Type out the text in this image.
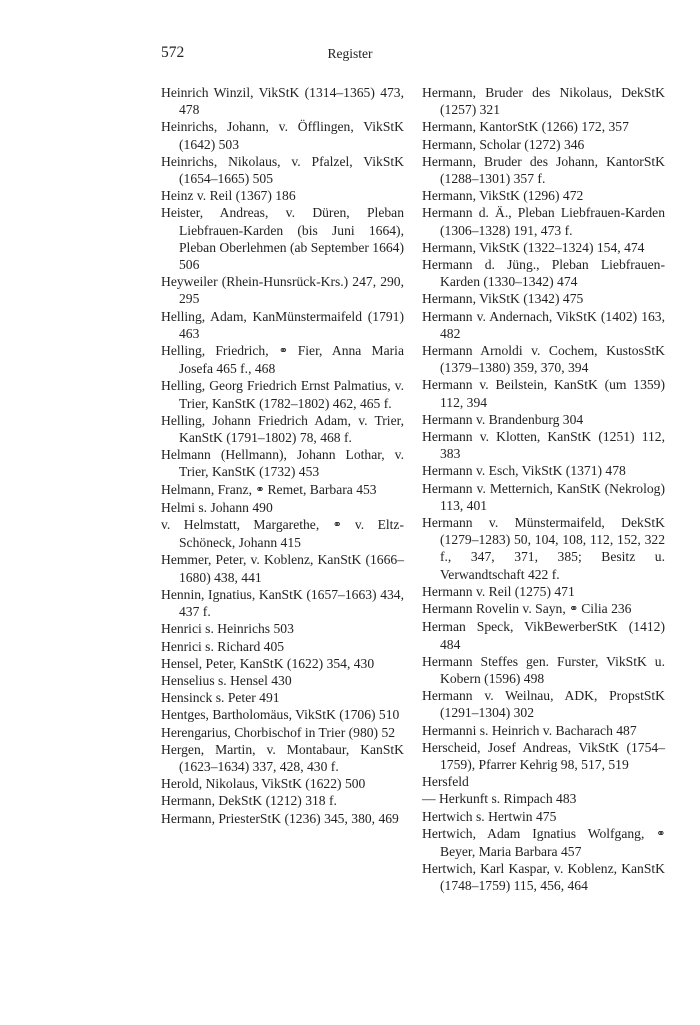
572	Register

Heinrich Winzil, VikStK (1314–1365) 473, 478

Heinrichs, Johann, v. Öfflingen, VikStK (1642) 503

Heinrichs, Nikolaus, v. Pfalzel, VikStK (1654–1665) 505

Heinz v. Reil (1367) 186

Heister, Andreas, v. Düren, Pleban Liebfrauen-Karden (bis Juni 1664), Pleban Oberlehmen (ab September 1664) 506

Heyweiler (Rhein-Hunsrück-Krs.) 247, 290, 295

Helling, Adam, KanMünstermaifeld (1791) 463

Helling, Friedrich, ⚭ Fier, Anna Maria Josefa 465 f., 468

Helling, Georg Friedrich Ernst Palmatius, v. Trier, KanStK (1782–1802) 462, 465 f.

Helling, Johann Friedrich Adam, v. Trier, KanStK (1791–1802) 78, 468 f.

Helmann (Hellmann), Johann Lothar, v. Trier, KanStK (1732) 453

Helmann, Franz, ⚭ Remet, Barbara 453

Helmi s. Johann 490

v. Helmstatt, Margarethe, ⚭ v. Eltz-Schöneck, Johann 415

Hemmer, Peter, v. Koblenz, KanStK (1666–1680) 438, 441

Hennin, Ignatius, KanStK (1657–1663) 434, 437 f.

Henrici s. Heinrichs 503

Henrici s. Richard 405

Hensel, Peter, KanStK (1622) 354, 430

Henselius s. Hensel 430

Hensinck s. Peter 491

Hentges, Bartholomäus, VikStK (1706) 510

Herengarius, Chorbischof in Trier (980) 52

Hergen, Martin, v. Montabaur, KanStK (1623–1634) 337, 428, 430 f.

Herold, Nikolaus, VikStK (1622) 500

Hermann, DekStK (1212) 318 f.

Hermann, PriesterStK (1236) 345, 380, 469

Hermann, Bruder des Nikolaus, DekStK (1257) 321

Hermann, KantorStK (1266) 172, 357

Hermann, Scholar (1272) 346

Hermann, Bruder des Johann, KantorStK (1288–1301) 357 f.

Hermann, VikStK (1296) 472

Hermann d. Ä., Pleban Liebfrauen-Karden (1306–1328) 191, 473 f.

Hermann, VikStK (1322–1324) 154, 474

Hermann d. Jüng., Pleban Liebfrauen-Karden (1330–1342) 474

Hermann, VikStK (1342) 475

Hermann v. Andernach, VikStK (1402) 163, 482

Hermann Arnoldi v. Cochem, KustosStK (1379–1380) 359, 370, 394

Hermann v. Beilstein, KanStK (um 1359) 112, 394

Hermann v. Brandenburg 304

Hermann v. Klotten, KanStK (1251) 112, 383

Hermann v. Esch, VikStK (1371) 478

Hermann v. Metternich, KanStK (Nekrolog) 113, 401

Hermann v. Münstermaifeld, DekStK (1279–1283) 50, 104, 108, 112, 152, 322 f., 347, 371, 385; Besitz u. Verwandtschaft 422 f.

Hermann v. Reil (1275) 471

Hermann Rovelin v. Sayn, ⚭ Cilia 236

Herman Speck, VikBewerberStK (1412) 484

Hermann Steffes gen. Furster, VikStK u. Kobern (1596) 498

Hermann v. Weilnau, ADK, PropstStK (1291–1304) 302

Hermanni s. Heinrich v. Bacharach 487

Herscheid, Josef Andreas, VikStK (1754–1759), Pfarrer Kehrig 98, 517, 519

Hersfeld

— Herkunft s. Rimpach 483

Hertwich s. Hertwin 475

Hertwich, Adam Ignatius Wolfgang, ⚭ Beyer, Maria Barbara 457

Hertwich, Karl Kaspar, v. Koblenz, KanStK (1748–1759) 115, 456, 464
